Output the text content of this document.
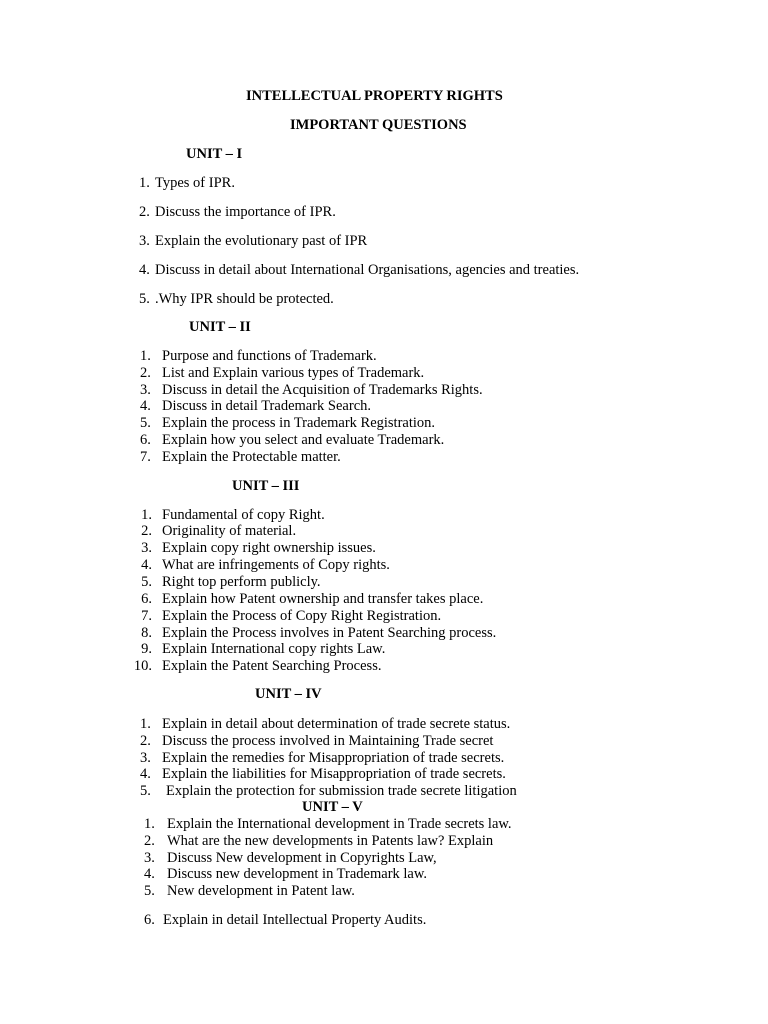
INTELLECTUAL PROPERTY RIGHTS
IMPORTANT QUESTIONS
UNIT – I
1. Types of IPR.
2. Discuss the importance of IPR.
3. Explain the evolutionary past of IPR
4. Discuss in detail about International Organisations, agencies and treaties.
5. .Why IPR should be protected.
UNIT – II
1. Purpose and functions of Trademark.
2. List and Explain various types of Trademark.
3. Discuss in detail the Acquisition of Trademarks Rights.
4. Discuss in detail Trademark Search.
5. Explain the process in Trademark Registration.
6. Explain how you select and evaluate Trademark.
7. Explain the Protectable matter.
UNIT – III
1. Fundamental of copy Right.
2. Originality of material.
3. Explain copy right ownership issues.
4. What are infringements of Copy rights.
5. Right top perform publicly.
6. Explain how Patent ownership and transfer takes place.
7. Explain the Process of Copy Right Registration.
8. Explain the Process involves in Patent Searching process.
9. Explain International copy rights Law.
10. Explain the Patent Searching Process.
UNIT – IV
1. Explain in detail about determination of trade secrete status.
2. Discuss the process involved in Maintaining Trade secret
3. Explain the remedies for Misappropriation of trade secrets.
4. Explain the liabilities for Misappropriation of trade secrets.
5. Explain the protection for submission trade secrete litigation
UNIT – V
1. Explain the International development in Trade secrets law.
2. What are the new developments in Patents law? Explain
3. Discuss New development in Copyrights Law,
4. Discuss new development in Trademark law.
5. New development in Patent law.
6. Explain in detail Intellectual Property Audits.
